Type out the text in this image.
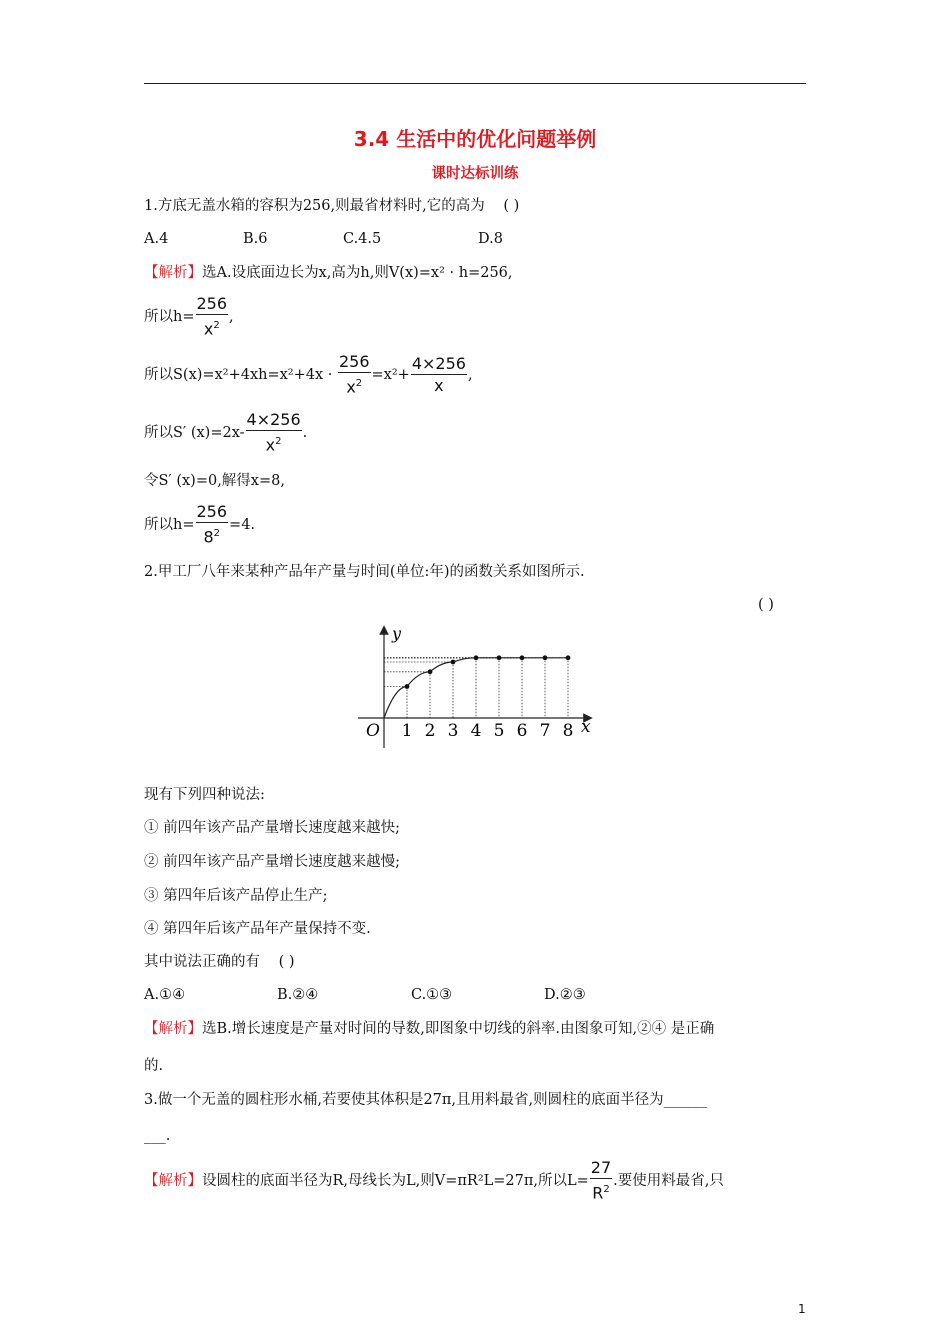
3.4 生活中的优化问题举例
课时达标训练
1.方底无盖水箱的容积为256,则最省材料时,它的高为 ( )
A.4	B.6	C.4.5	D.8
【解析】选A.设底面边长为x,高为h,则V(x)=x² · h=256,
所以$h= \frac{256}{x^2}$ ,
所以$S(x)=x^2+4xh=x^2+4x \cdot \frac{256}{x^2} =x^2+ \frac{4\times 256}{x}$ ,
所以S′ $(x)=2x- \frac{4\times 256}{x^2}$ .
令S′ (x)=0,解得x=8,
所以$h= \frac{256}{8^2} =4$.
2.甲工厂八年来某种产品年产量与时间(单位:年)的函数关系如图所示.
( )
1 2 3 4 5 6 7 8
y
x
O
现有下列四种说法:
① 前四年该产品产量增长速度越来越快;
② 前四年该产品产量增长速度越来越慢;
③ 第四年后该产品停止生产;
④ 第四年后该产品年产量保持不变.
其中说法正确的有 ( )
A.①④	B.②④	C.①③	D.②③
【解析】选B.增长速度是产量对时间的导数,即图象中切线的斜率.由图象可知,②④ 是正确
的.
3.做一个无盖的圆柱形水桶,若要使其体积是27π,且用料最省,则圆柱的底面半径为______
___.
【解析】设圆柱的底面半径为R,母线长为L,则V=πR²L=27π,所以$L= \frac{27}{R^2}$ .要使用料最省,只
1
